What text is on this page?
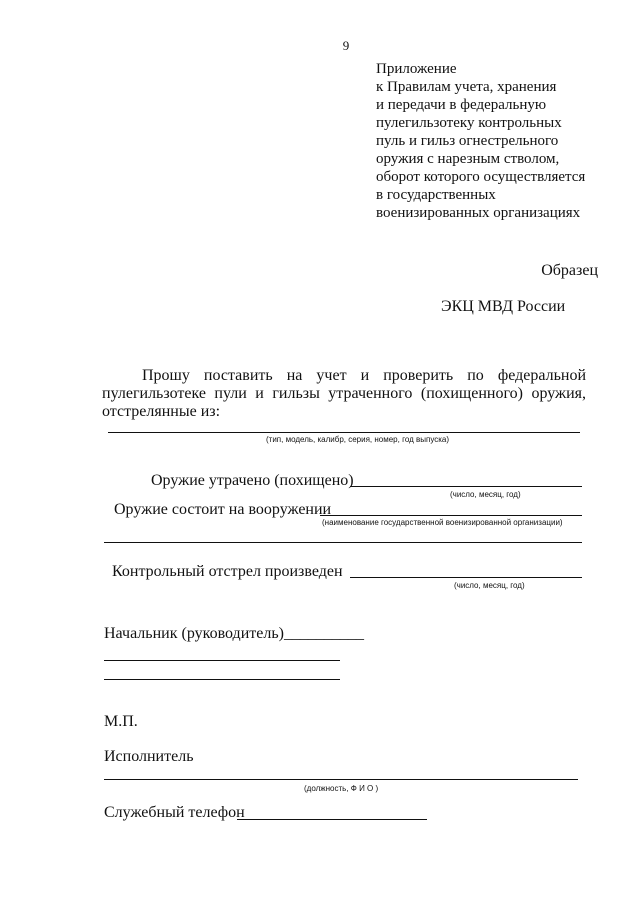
9
Приложение
к Правилам учета, хранения
и передачи в федеральную
пулегильзотеку контрольных
пуль и гильз огнестрельного
оружия с нарезным стволом,
оборот которого осуществляется
в государственных
военизированных организациях
Образец
ЭКЦ МВД России
Прошу поставить на учет и проверить по федеральной
пулегильзотеке пули и гильзы утраченного (похищенного) оружия,
отстрелянные из:
(тип, модель, калибр, серия, номер, год выпуска)
Оружие утрачено (похищено)
(число, месяц, год)
Оружие состоит на вооружении
(наименование государственной военизированной организации)
Контрольный отстрел произведен
(число, месяц, год)
Начальник (руководитель)__________
М.П.
Исполнитель
(должность, Ф И О )
Служебный телефон
